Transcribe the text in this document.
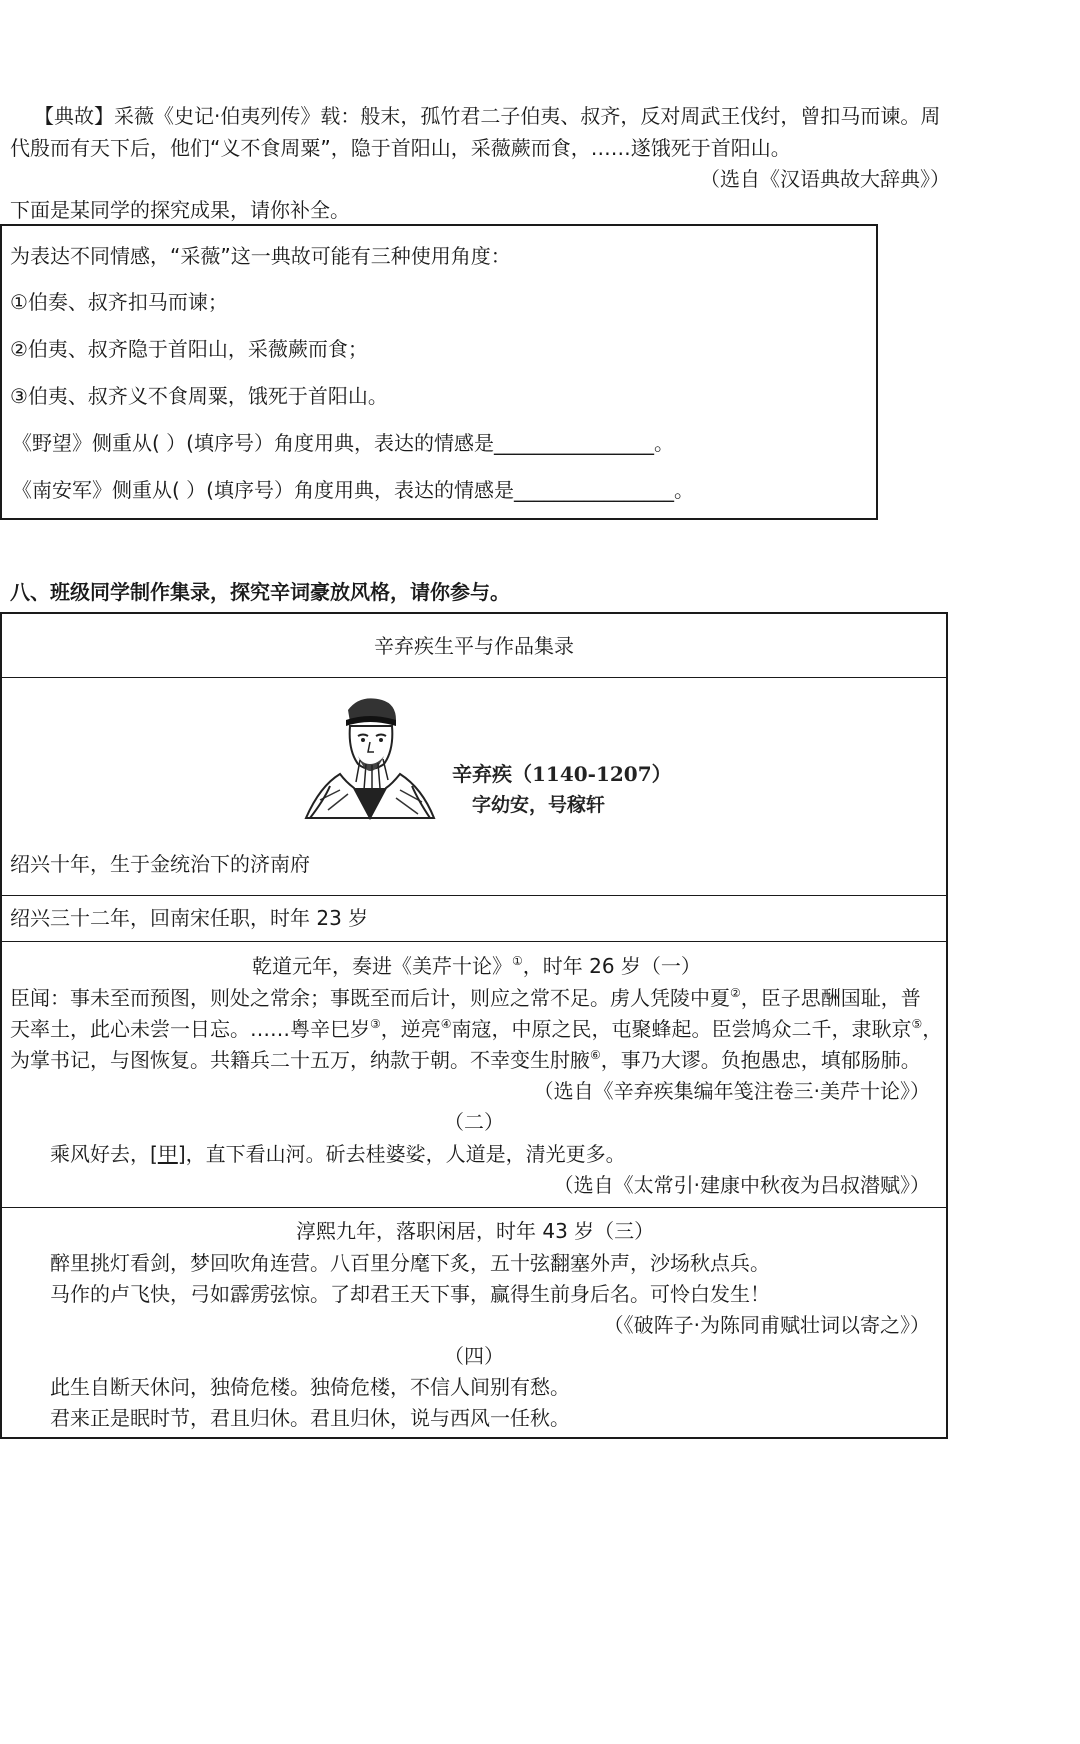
【典故】采薇《史记·伯夷列传》载：般末，孤竹君二子伯夷、叔齐，反对周武王伐纣，曾扣马而谏。周
代殷而有天下后，他们“义不食周粟”，隐于首阳山，采薇蕨而食，……遂饿死于首阳山。
（选自《汉语典故大辞典》）
下面是某同学的探究成果，请你补全。
为表达不同情感，“采薇”这一典故可能有三种使用角度：
①伯奏、叔齐扣马而谏；
②伯夷、叔齐隐于首阳山，采薇蕨而食；
③伯夷、叔齐义不食周粟，饿死于首阳山。
《野望》侧重从( ）(填序号）角度用典，表达的情感是________________。
《南安军》侧重从( ）(填序号）角度用典，表达的情感是________________。
八、班级同学制作集录，探究辛词豪放风格，请你参与。
辛弃疾生平与作品集录
辛弃疾（1140-1207）
字幼安，号稼轩
绍兴十年，生于金统治下的济南府
绍兴三十二年，回南宋任职，时年 23 岁
乾道元年，奏进《美芹十论》①，时年 26 岁（一）
臣闻：事未至而预图，则处之常余；事既至而后计，则应之常不足。虏人凭陵中夏②，臣子思酬国耻，普
天率土，此心未尝一日忘。……粤辛巳岁③，逆亮④南寇，中原之民，屯聚蜂起。臣尝鸠众二千，隶耿京⑤，
为掌书记，与图恢复。共籍兵二十五万，纳款于朝。不幸变生肘腋⑥，事乃大谬。负抱愚忠，填郁肠肺。
（选自《辛弃疾集编年笺注卷三·美芹十论》）
（二）
乘风好去，[甲]，直下看山河。斫去桂婆娑，人道是，清光更多。
（选自《太常引·建康中秋夜为吕叔潜赋》）
淳熙九年，落职闲居，时年 43 岁（三）
醉里挑灯看剑，梦回吹角连营。八百里分麾下炙，五十弦翻塞外声，沙场秋点兵。
马作的卢飞快，弓如霹雳弦惊。了却君王天下事，赢得生前身后名。可怜白发生！
（《破阵子·为陈同甫赋壮词以寄之》）
（四）
此生自断天休问，独倚危楼。独倚危楼，不信人间别有愁。
君来正是眠时节，君且归休。君且归休，说与西风一任秋。
